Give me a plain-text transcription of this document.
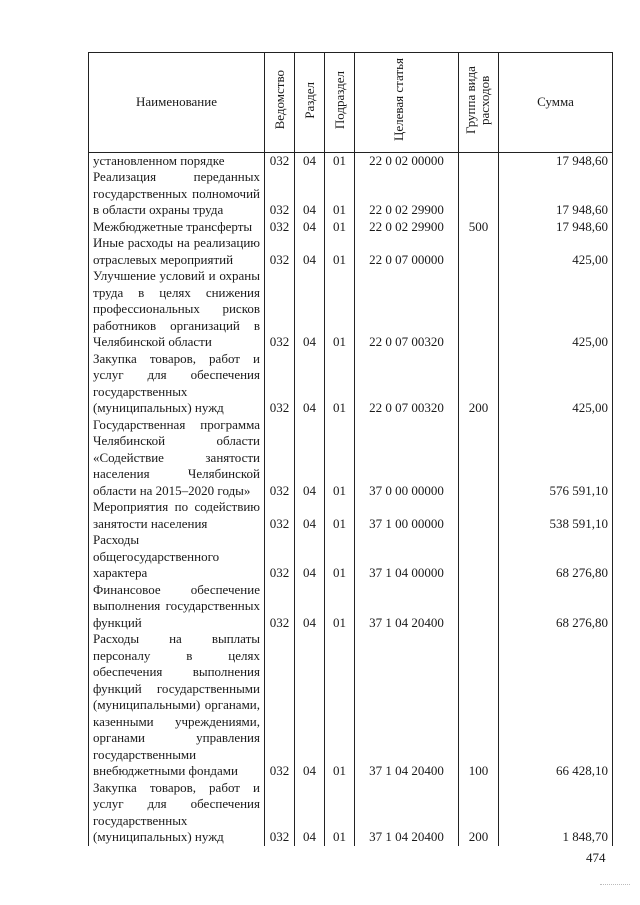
Наименование	Ведомство	Раздел	Подраздел	Целевая статья	Группа вида расходов	Сумма
установленном порядке	032	04	01	22 0 02 00000		17 948,60
Реализация переданных государственных полномочий в области охраны труда	032	04	01	22 0 02 29900		17 948,60
Межбюджетные трансферты	032	04	01	22 0 02 29900	500	17 948,60
Иные расходы на реализацию отраслевых мероприятий	032	04	01	22 0 07 00000		425,00
Улучшение условий и охраны труда в целях снижения профессиональных рисков работников организаций в Челябинской области	032	04	01	22 0 07 00320		425,00
Закупка товаров, работ и услуг для обеспечения государственных (муниципальных) нужд	032	04	01	22 0 07 00320	200	425,00
Государственная программа Челябинской области «Содействие занятости населения Челябинской области на 2015–2020 годы»	032	04	01	37 0 00 00000		576 591,10
Мероприятия по содействию занятости населения	032	04	01	37 1 00 00000		538 591,10
Расходы общегосударственного характера	032	04	01	37 1 04 00000		68 276,80
Финансовое обеспечение выполнения государственных функций	032	04	01	37 1 04 20400		68 276,80
Расходы на выплаты персоналу в целях обеспечения выполнения функций государственными (муниципальными) органами, казенными учреждениями, органами управления государственными внебюджетными фондами	032	04	01	37 1 04 20400	100	66 428,10
Закупка товаров, работ и услуг для обеспечения государственных (муниципальных) нужд	032	04	01	37 1 04 20400	200	1 848,70
474
